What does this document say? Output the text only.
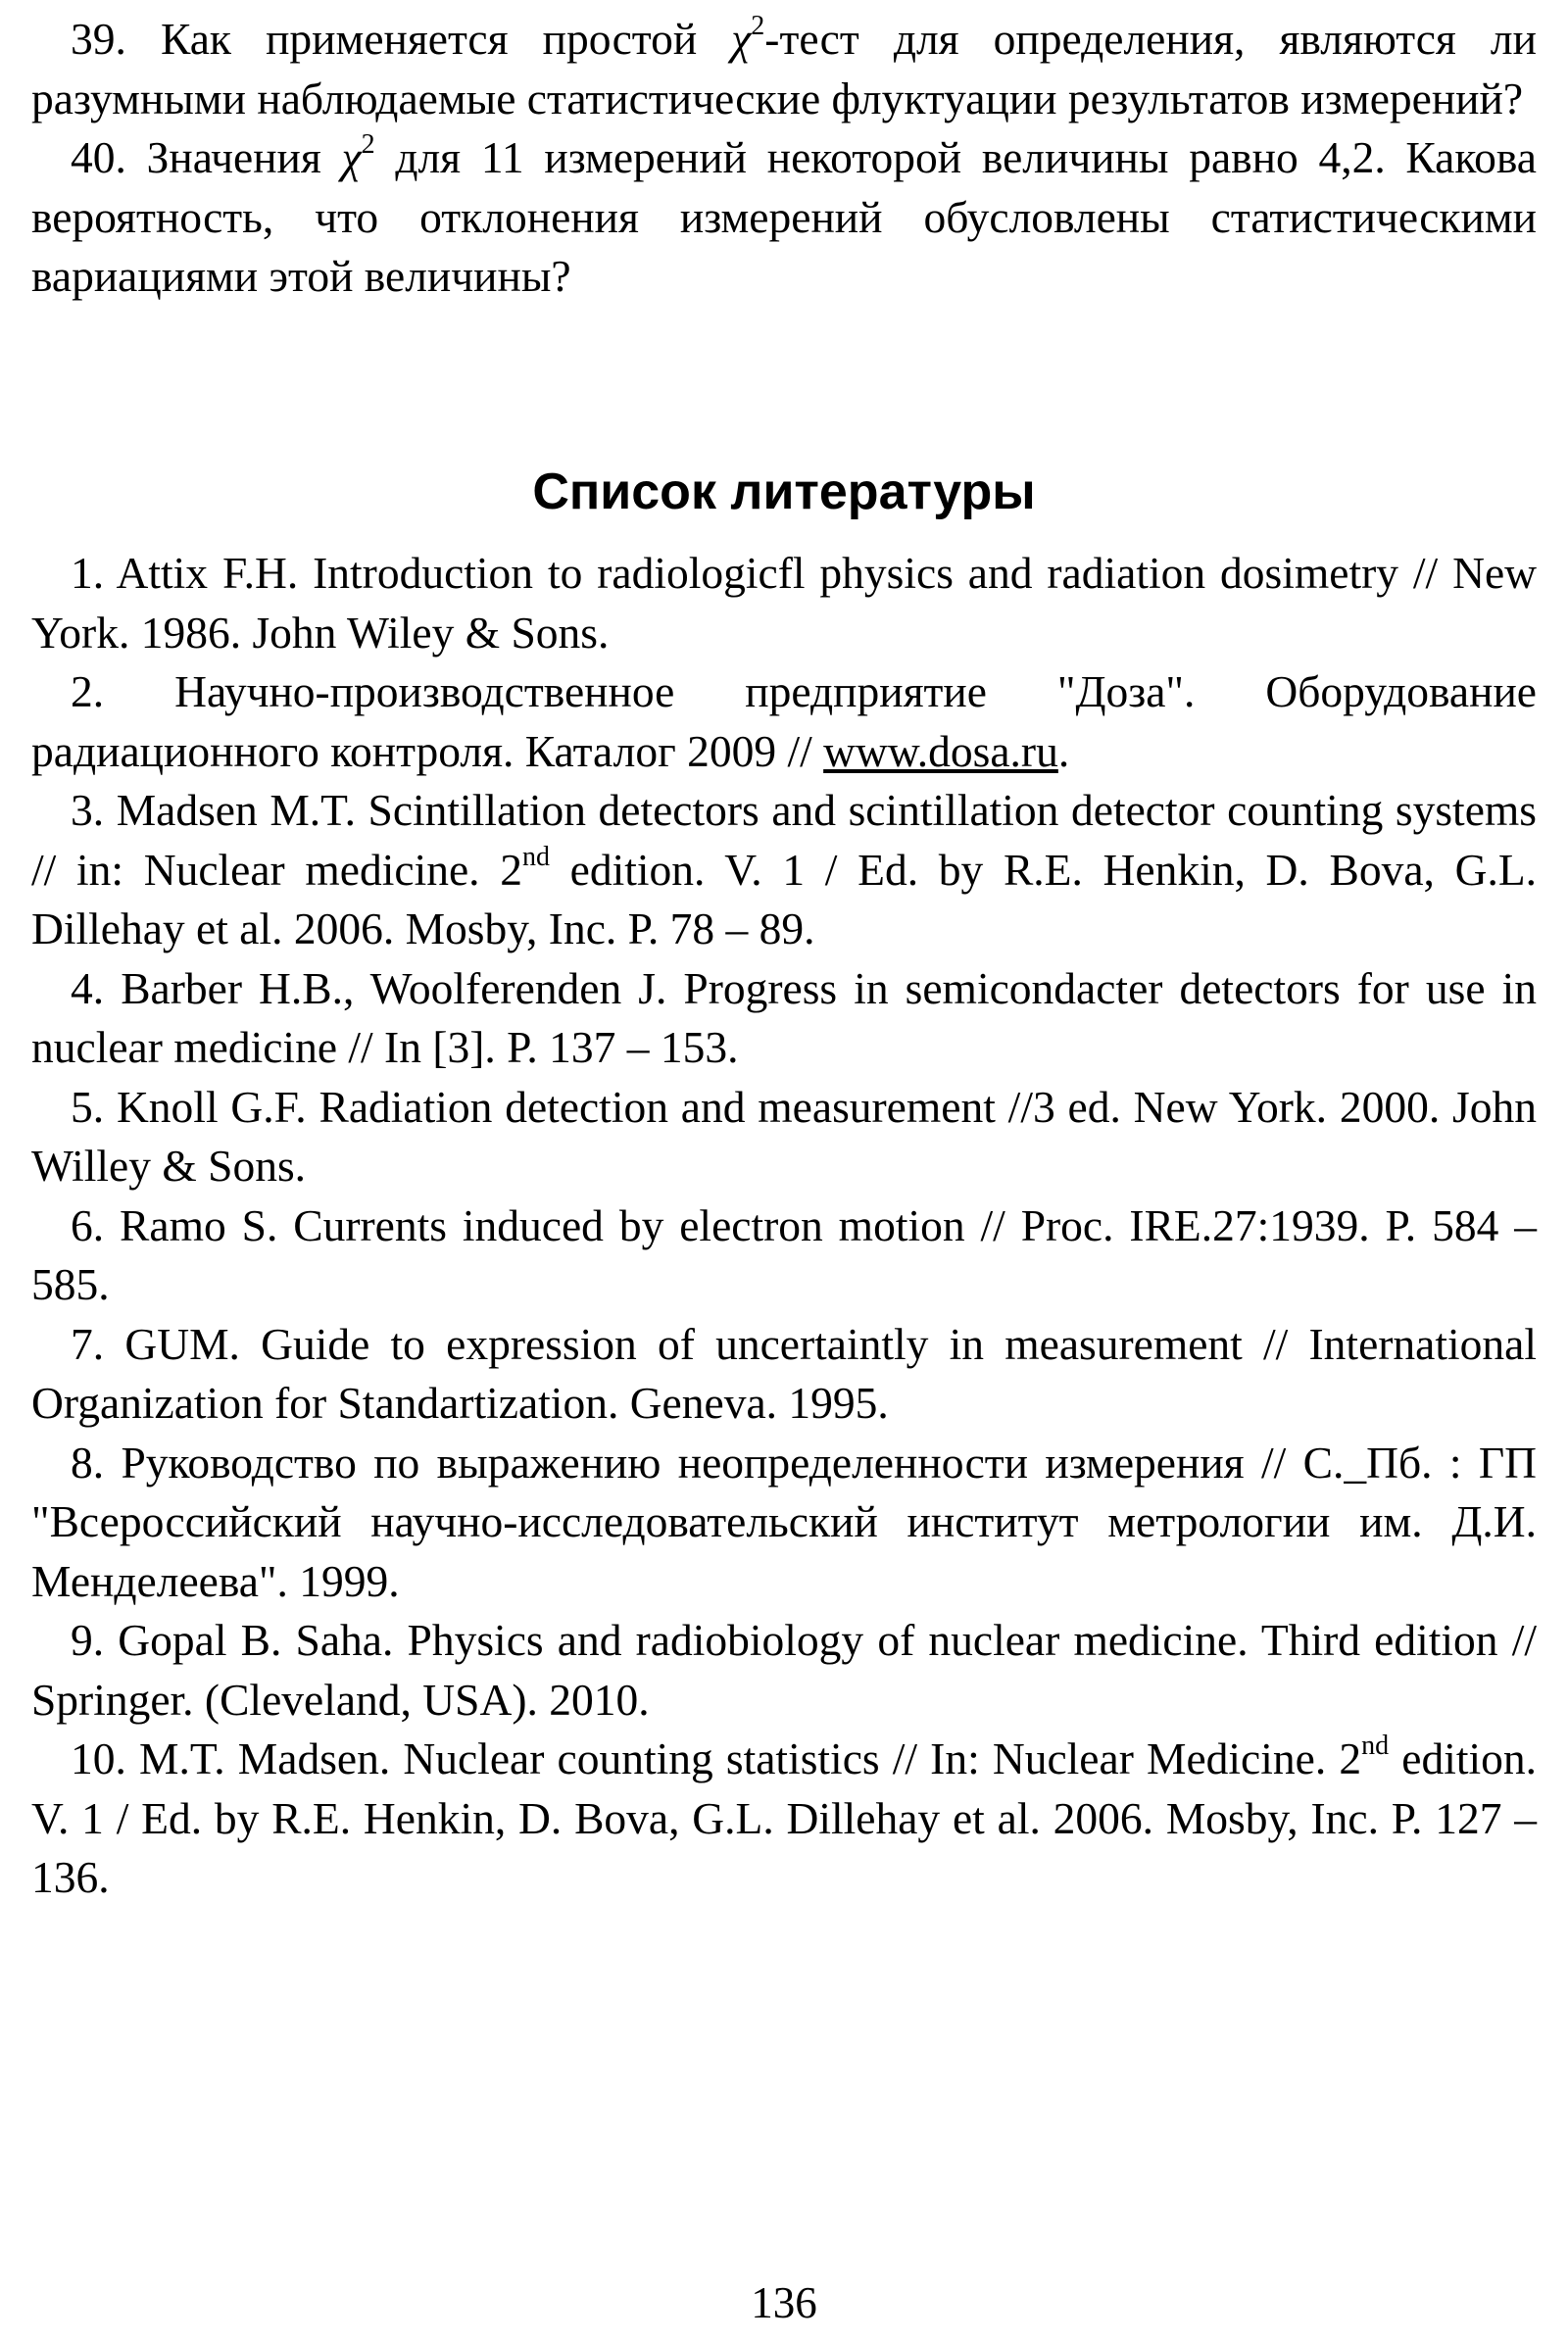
39. Как применяется простой $\chi^2$-тест для определения, являются ли разумными наблюдаемые статистические флуктуации результатов измерений?

40. Значения $\chi^2$ для 11 измерений некоторой величины равно 4,2. Какова вероятность, что отклонения измерений обусловлены статистическими вариациями этой величины?

Список литературы

1. Attix F.H. Introduction to radiologicfl physics and radiation dosimetry // New York. 1986. John Wiley & Sons.

2. Научно-производственное предприятие "Доза". Оборудование радиационного контроля. Каталог 2009 // www.dosa.ru.

3. Madsen M.T. Scintillation detectors and scintillation detector counting systems // in: Nuclear medicine. 2nd edition. V. 1 / Ed. by R.E. Henkin, D. Bova, G.L. Dillehay et al. 2006. Mosby, Inc. P. 78 – 89.

4. Barber H.B., Woolferenden J. Progress in semicondacter detectors for use in nuclear medicine // In [3]. P. 137 – 153.

5. Knoll G.F. Radiation detection and measurement //3 ed. New York. 2000. John Willey & Sons.

6. Ramo S. Currents induced by electron motion // Proc. IRE.27:1939. P. 584 – 585.

7. GUM. Guide to expression of uncertaintly in measurement // International Organization for Standartization. Geneva. 1995.

8. Руководство по выражению неопределенности измерения // С._Пб. : ГП "Всероссийский научно-исследовательский институт метрологии им. Д.И. Менделеева". 1999.

9. Gopal B. Saha. Physics and radiobiology of nuclear medicine. Third edition // Springer. (Cleveland, USA). 2010.

10. M.T. Madsen. Nuclear counting statistics // In: Nuclear Medicine. 2nd edition. V. 1 / Ed. by R.E. Henkin, D. Bova, G.L. Dillehay et al. 2006. Mosby, Inc. P. 127 – 136.

136
